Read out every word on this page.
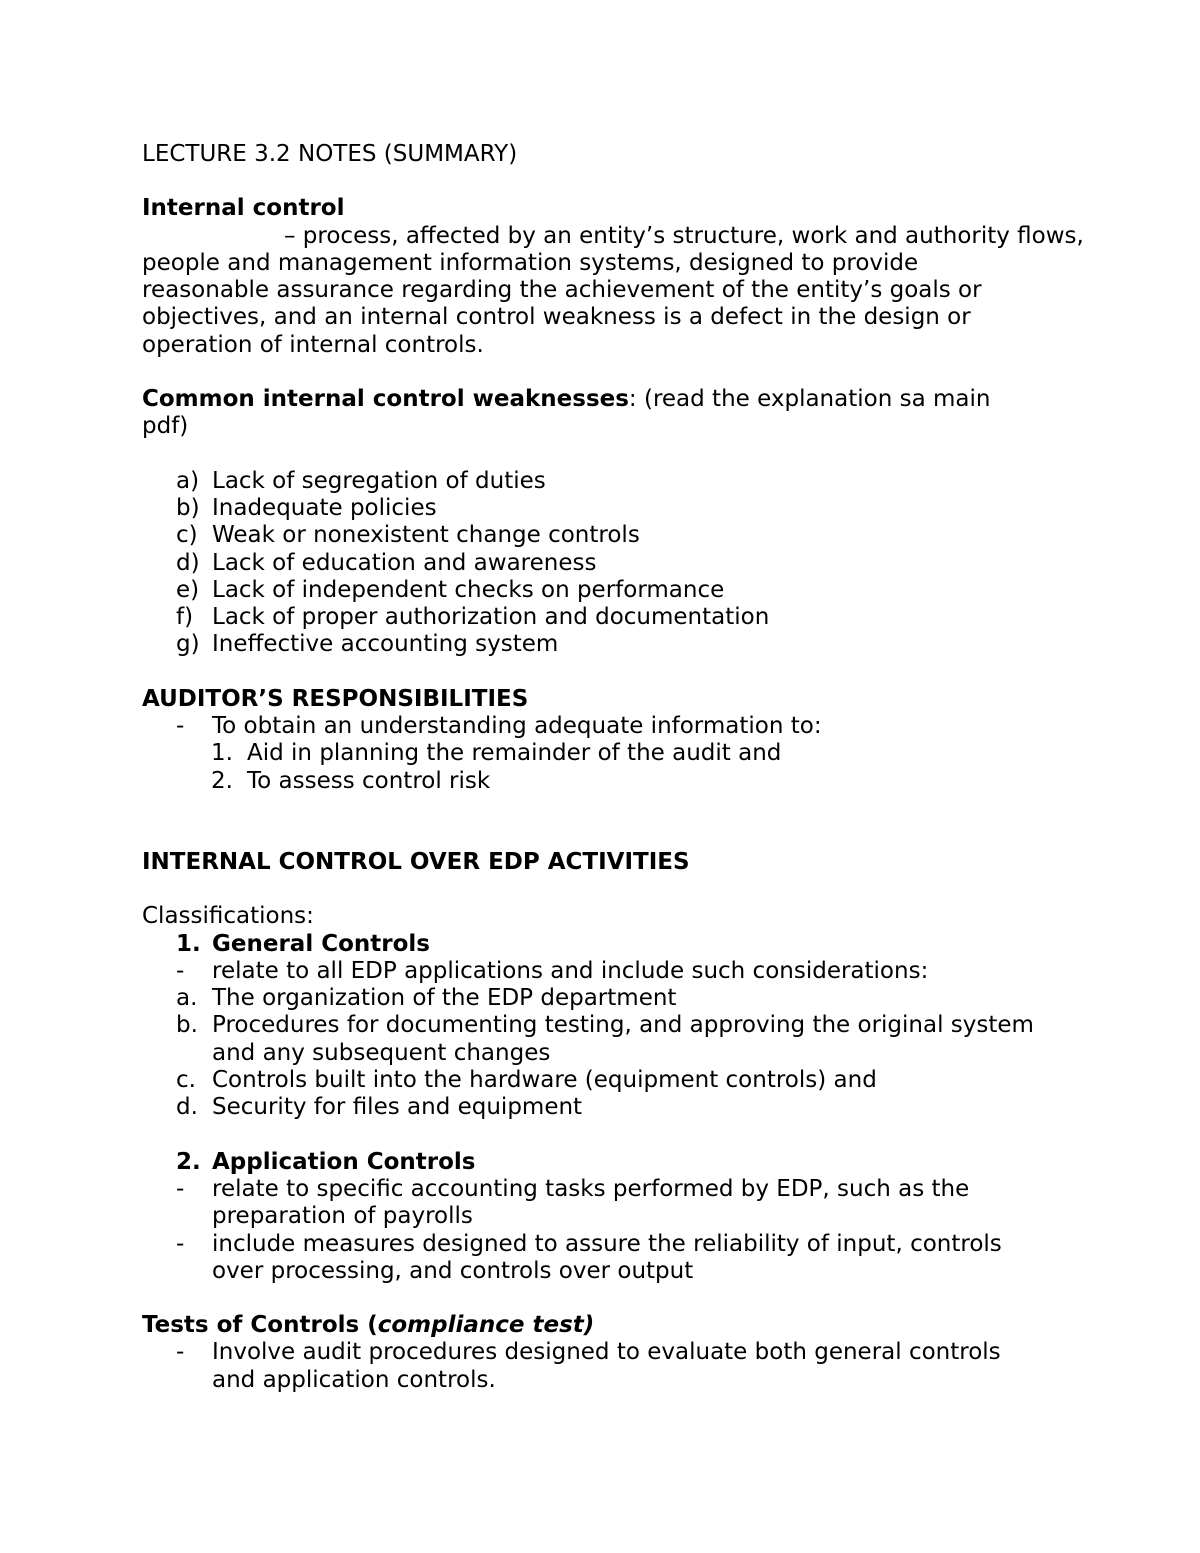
LECTURE 3.2 NOTES (SUMMARY)
Internal control
– process, affected by an entity’s structure, work and authority flows,
people and management information systems, designed to provide
reasonable assurance regarding the achievement of the entity’s goals or
objectives, and an internal control weakness is a defect in the design or
operation of internal controls.
Common internal control weaknesses: (read the explanation sa main
pdf)
a) Lack of segregation of duties
b) Inadequate policies
c) Weak or nonexistent change controls
d) Lack of education and awareness
e) Lack of independent checks on performance
f) Lack of proper authorization and documentation
g) Ineffective accounting system
AUDITOR’S RESPONSIBILITIES
- To obtain an understanding adequate information to:
1. Aid in planning the remainder of the audit and
2. To assess control risk
INTERNAL CONTROL OVER EDP ACTIVITIES
Classifications:
1. General Controls
- relate to all EDP applications and include such considerations:
a. The organization of the EDP department
b. Procedures for documenting testing, and approving the original system
and any subsequent changes
c. Controls built into the hardware (equipment controls) and
d. Security for files and equipment
2. Application Controls
- relate to specific accounting tasks performed by EDP, such as the
preparation of payrolls
- include measures designed to assure the reliability of input, controls
over processing, and controls over output
Tests of Controls (compliance test)
- Involve audit procedures designed to evaluate both general controls
and application controls.
